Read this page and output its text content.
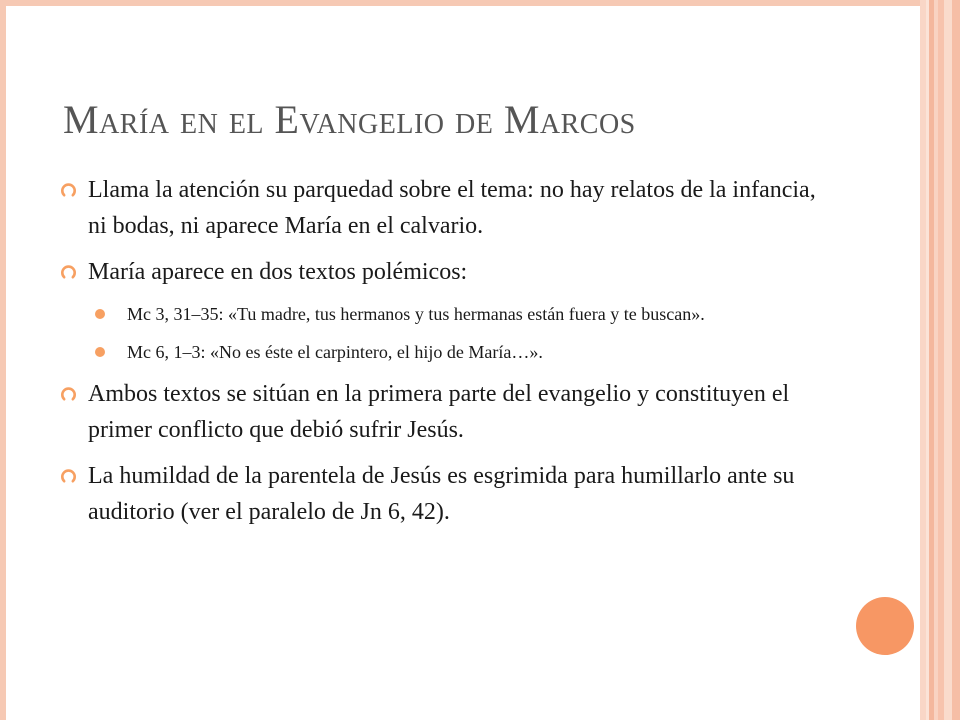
María en el Evangelio de Marcos
Llama la atención su parquedad sobre el tema: no hay relatos de la infancia, ni bodas, ni aparece María en el calvario.
María aparece en dos textos polémicos:
Mc 3, 31–35: «Tu madre, tus hermanos y tus hermanas están fuera y te buscan».
Mc 6, 1–3: «No es éste el carpintero, el hijo de María…».
Ambos textos se sitúan en la primera parte del evangelio y constituyen el primer conflicto que debió sufrir Jesús.
La humildad de la parentela de Jesús es esgrimida para humillarlo ante su auditorio (ver el paralelo de Jn 6, 42).
